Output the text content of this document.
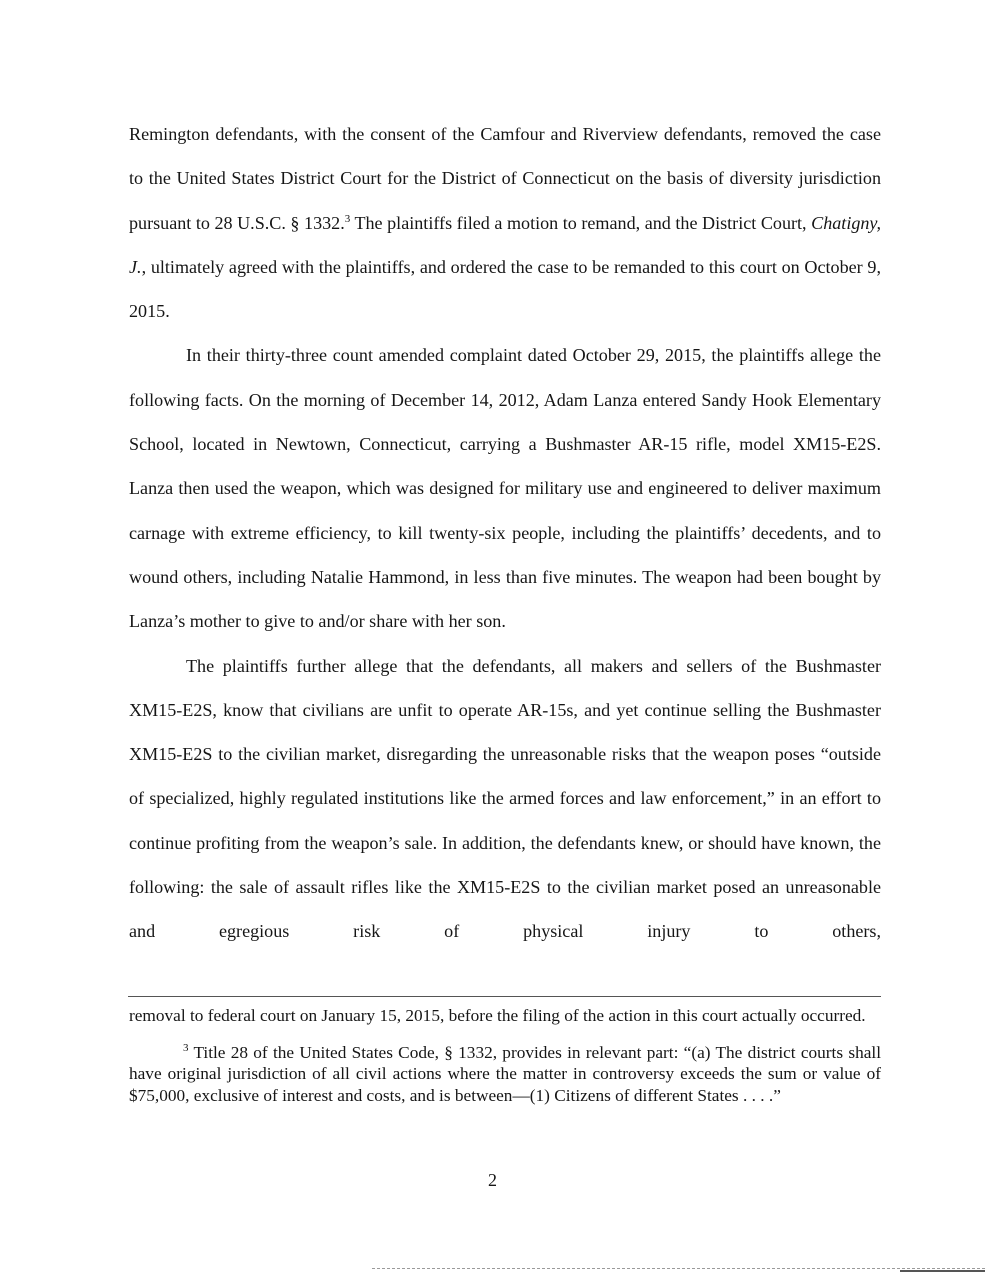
Remington defendants, with the consent of the Camfour and Riverview defendants, removed the case to the United States District Court for the District of Connecticut on the basis of diversity jurisdiction pursuant to 28 U.S.C. § 1332.$^3$ The plaintiffs filed a motion to remand, and the District Court, Chatigny, J., ultimately agreed with the plaintiffs, and ordered the case to be remanded to this court on October 9, 2015.

In their thirty-three count amended complaint dated October 29, 2015, the plaintiffs allege the following facts. On the morning of December 14, 2012, Adam Lanza entered Sandy Hook Elementary School, located in Newtown, Connecticut, carrying a Bushmaster AR-15 rifle, model XM15-E2S. Lanza then used the weapon, which was designed for military use and engineered to deliver maximum carnage with extreme efficiency, to kill twenty-six people, including the plaintiffs’ decedents, and to wound others, including Natalie Hammond, in less than five minutes. The weapon had been bought by Lanza’s mother to give to and/or share with her son.

The plaintiffs further allege that the defendants, all makers and sellers of the Bushmaster XM15-E2S, know that civilians are unfit to operate AR-15s, and yet continue selling the Bushmaster XM15-E2S to the civilian market, disregarding the unreasonable risks that the weapon poses “outside of specialized, highly regulated institutions like the armed forces and law enforcement,” in an effort to continue profiting from the weapon’s sale. In addition, the defendants knew, or should have known, the following: the sale of assault rifles like the XM15-E2S to the civilian market posed an unreasonable and egregious risk of physical injury to others,

removal to federal court on January 15, 2015, before the filing of the action in this court actually occurred.

$^3$ Title 28 of the United States Code, § 1332, provides in relevant part: “(a) The district courts shall have original jurisdiction of all civil actions where the matter in controversy exceeds the sum or value of $75,000, exclusive of interest and costs, and is between—(1) Citizens of different States . . . .”

2
